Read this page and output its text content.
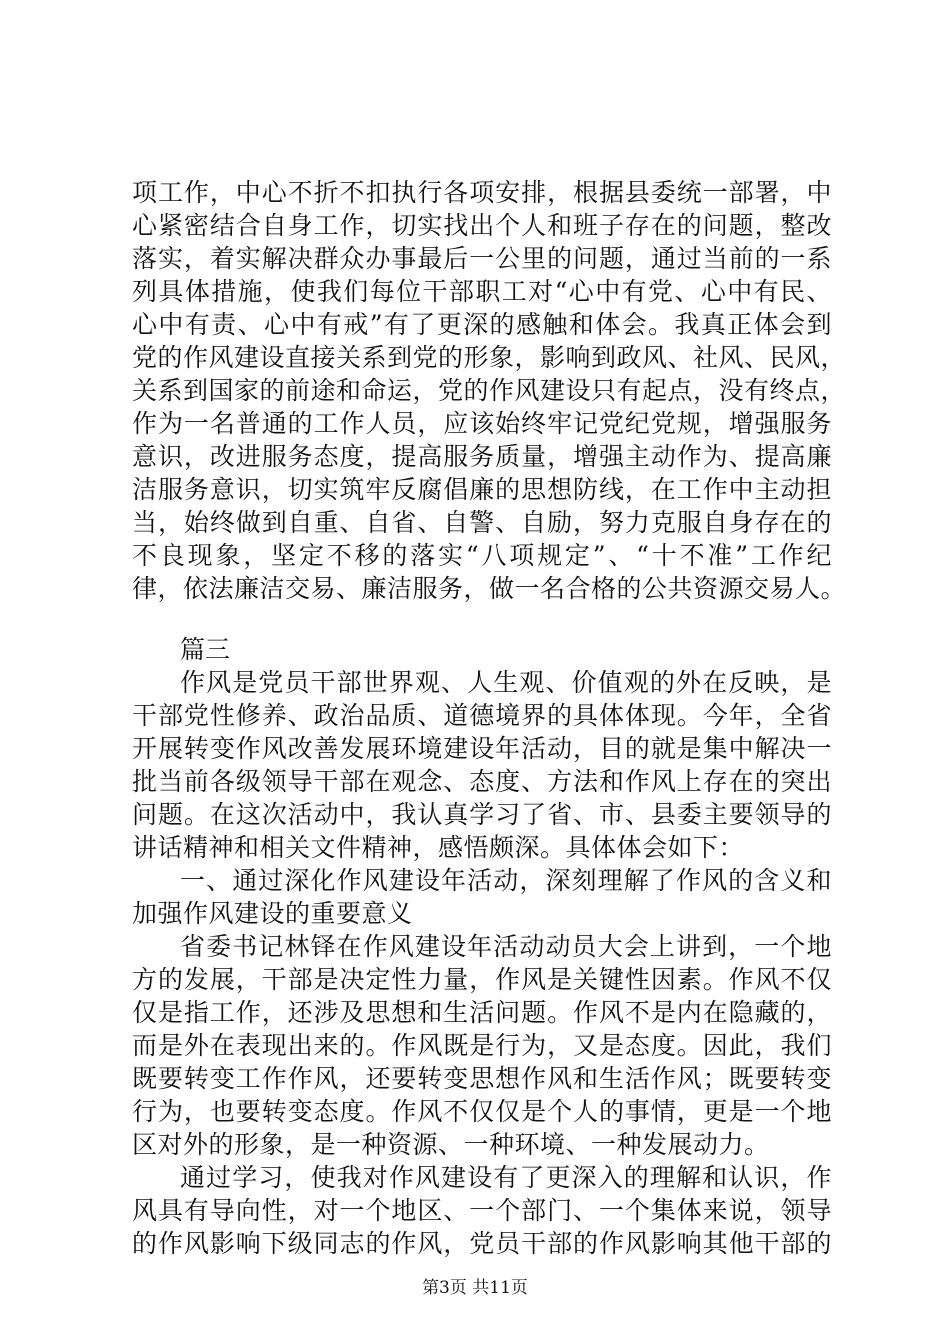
项工作，中心不折不扣执行各项安排，根据县委统一部署，中
心紧密结合自身工作，切实找出个人和班子存在的问题，整改
落实，着实解决群众办事最后一公里的问题，通过当前的一系
列具体措施，使我们每位干部职工对“心中有党、心中有民、
心中有责、心中有戒”有了更深的感触和体会。我真正体会到
党的作风建设直接关系到党的形象，影响到政风、社风、民风，
关系到国家的前途和命运，党的作风建设只有起点，没有终点，
作为一名普通的工作人员，应该始终牢记党纪党规，增强服务
意识，改进服务态度，提高服务质量，增强主动作为、提高廉
洁服务意识，切实筑牢反腐倡廉的思想防线，在工作中主动担
当，始终做到自重、自省、自警、自励，努力克服自身存在的
不良现象，坚定不移的落实“八项规定”、“十不准”工作纪
律，依法廉洁交易、廉洁服务，做一名合格的公共资源交易人。
篇三
作风是党员干部世界观、人生观、价值观的外在反映，是
干部党性修养、政治品质、道德境界的具体体现。今年，全省
开展转变作风改善发展环境建设年活动，目的就是集中解决一
批当前各级领导干部在观念、态度、方法和作风上存在的突出
问题。在这次活动中，我认真学习了省、市、县委主要领导的
讲话精神和相关文件精神，感悟颇深。具体体会如下：
一、通过深化作风建设年活动，深刻理解了作风的含义和
加强作风建设的重要意义
省委书记林铎在作风建设年活动动员大会上讲到，一个地
方的发展，干部是决定性力量，作风是关键性因素。作风不仅
仅是指工作，还涉及思想和生活问题。作风不是内在隐藏的，
而是外在表现出来的。作风既是行为，又是态度。因此，我们
既要转变工作作风，还要转变思想作风和生活作风；既要转变
行为，也要转变态度。作风不仅仅是个人的事情，更是一个地
区对外的形象，是一种资源、一种环境、一种发展动力。
通过学习，使我对作风建设有了更深入的理解和认识，作
风具有导向性，对一个地区、一个部门、一个集体来说，领导
的作风影响下级同志的作风，党员干部的作风影响其他干部的
第3页 共11页
